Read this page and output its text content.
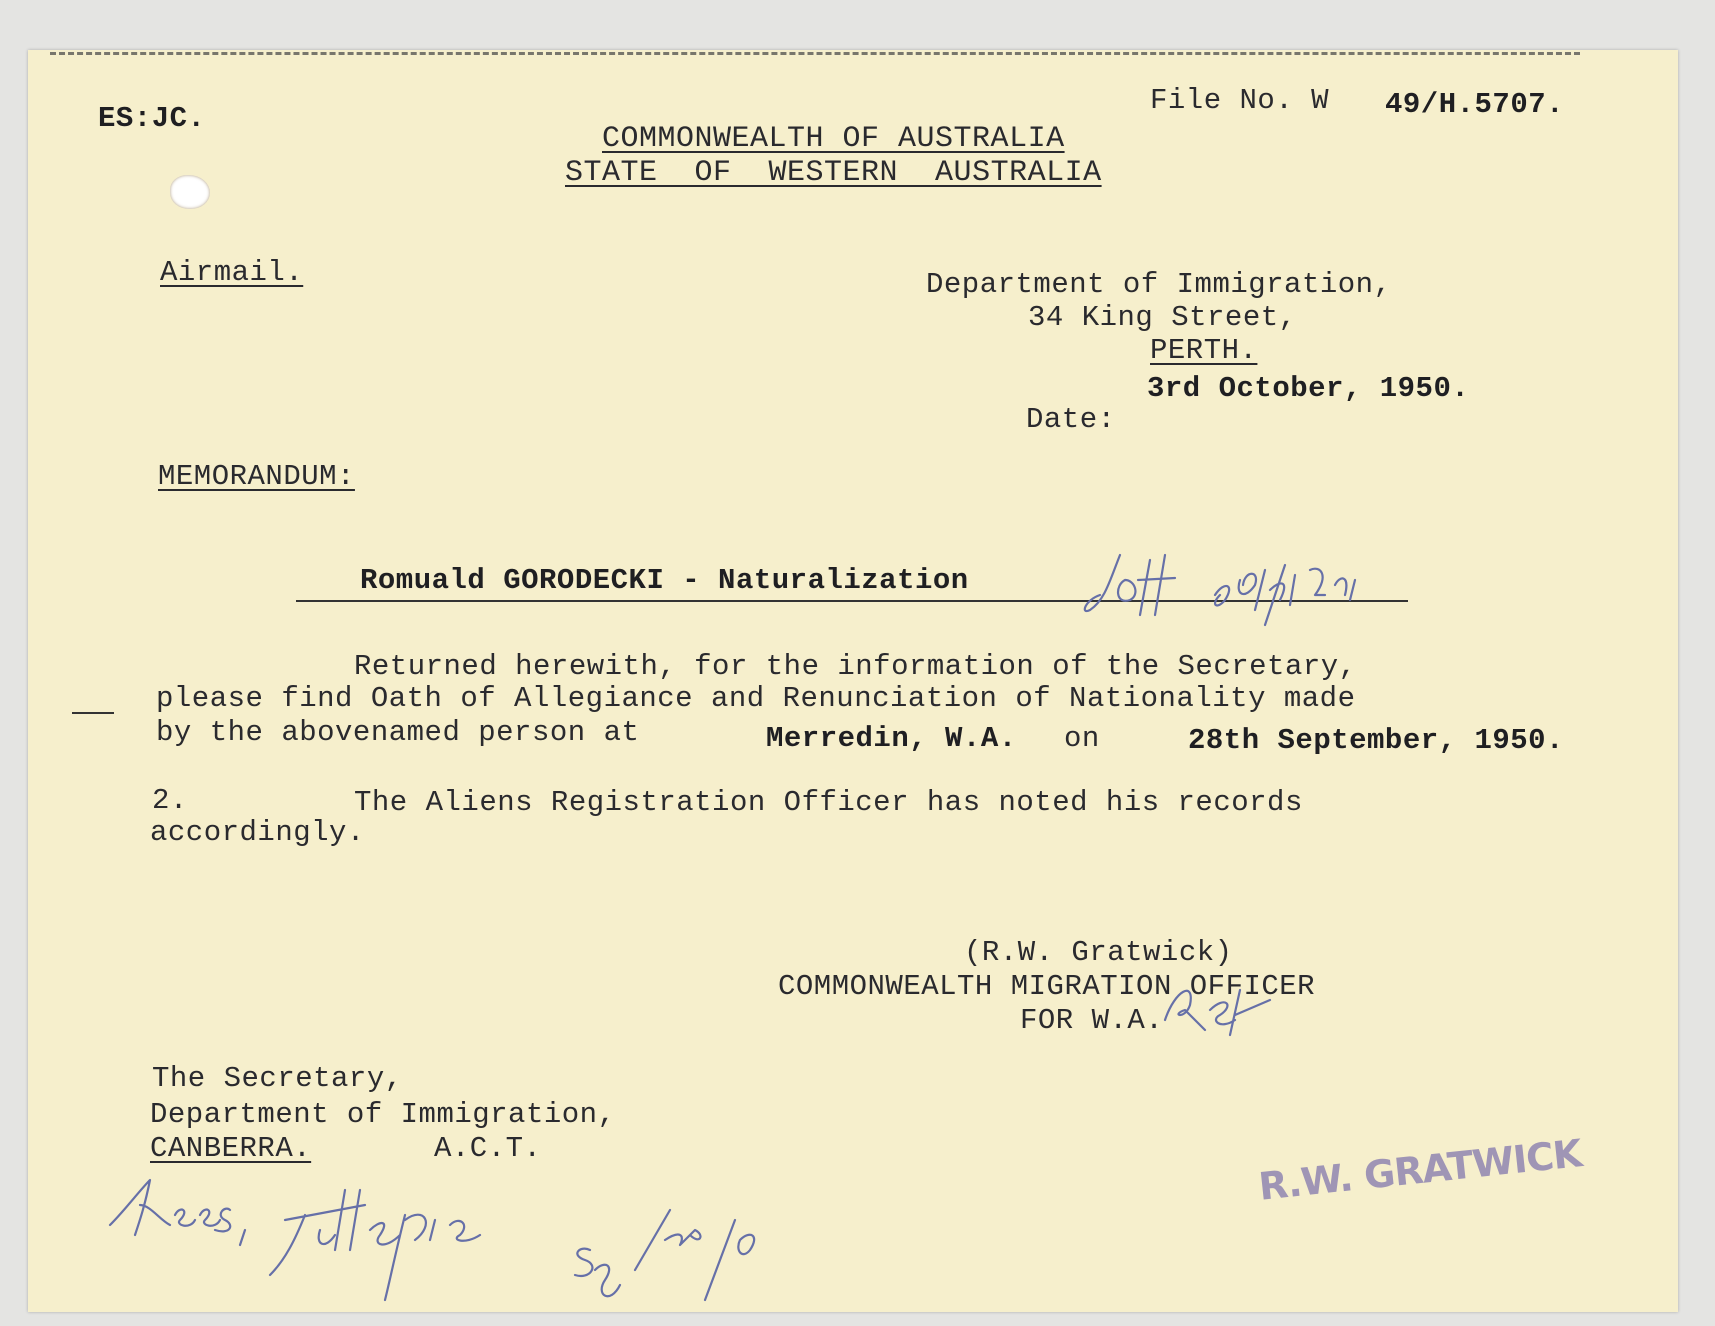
ES:JC.
File No. W 49/H.5707.
COMMONWEALTH OF AUSTRALIA
STATE  OF  WESTERN  AUSTRALIA
Airmail.	Department of Immigration,
34 King Street,
PERTH.
3rd October, 1950.
Date:
MEMORANDUM:
Romuald GORODECKI - Naturalization
Returned herewith, for the information of the Secretary,
please find Oath of Allegiance and Renunciation of Nationality made
by the abovenamed person at	Merredin, W.A. on	28th September, 1950.
2.	The Aliens Registration Officer has noted his records
accordingly.
(R.W. Gratwick)
COMMONWEALTH MIGRATION OFFICER
FOR W.A.
The Secretary,
Department of Immigration,
CANBERRA.	A.C.T.	R.W. GRATWICK
